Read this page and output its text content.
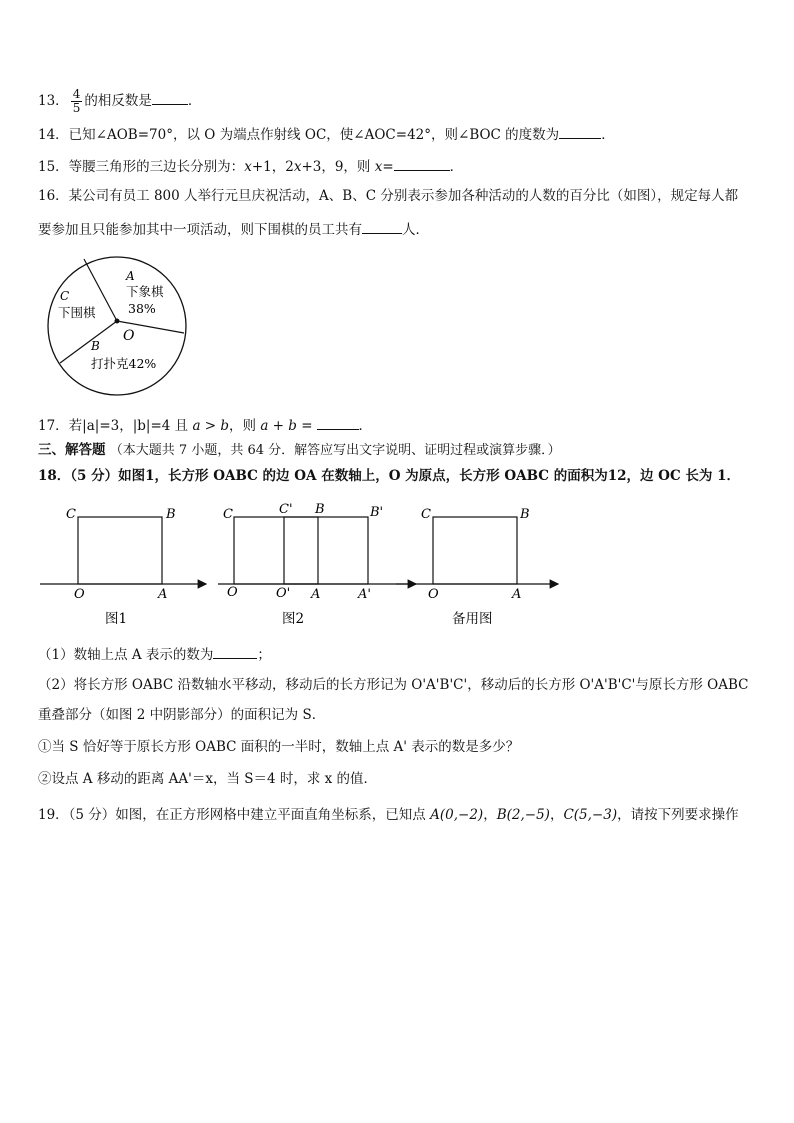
13． $\frac{4}{5}$ 的相反数是	．
14．已知∠AOB=70°，以 O 为端点作射线 OC，使∠AOC=42°，则∠BOC 的度数为	．
15．等腰三角形的三边长分别为：x+1，2x+3，9，则 x=	．
16．某公司有员工 800 人举行元旦庆祝活动，A、B、C 分别表示参加各种活动的人数的百分比（如图），规定每人都
要参加且只能参加其中一项活动，则下围棋的员工共有	人．
O
A
下象棋
38%
C
下围棋
B
打扑克42%
17．若|a|=3，|b|=4 且 a > b，则 a + b =	．
三、解答题 （本大题共 7 小题，共 64 分．解答应写出文字说明、证明过程或演算步骤．）
18．（5 分）如图1，长方形 OABC 的边 OA 在数轴上，O 为原点，长方形 OABC 的面积为12，边 OC 长为 1．
C	B
O	A
图1
C	C' B	B'
O	O' A	A'
图2
C	B
O	A
备用图
（1）数轴上点 A 表示的数为	；
（2）将长方形 OABC 沿数轴水平移动，移动后的长方形记为 O'A'B'C'，移动后的长方形 O'A'B'C'与原长方形 OABC
重叠部分（如图 2 中阴影部分）的面积记为 S．
①当 S 恰好等于原长方形 OABC 面积的一半时，数轴上点 A' 表示的数是多少？
②设点 A 移动的距离 AA'＝x，当 S＝4 时，求 x 的值．
19．（5 分）如图，在正方形网格中建立平面直角坐标系，已知点 A(0,−2)，B(2,−5)，C(5,−3)，请按下列要求操作
